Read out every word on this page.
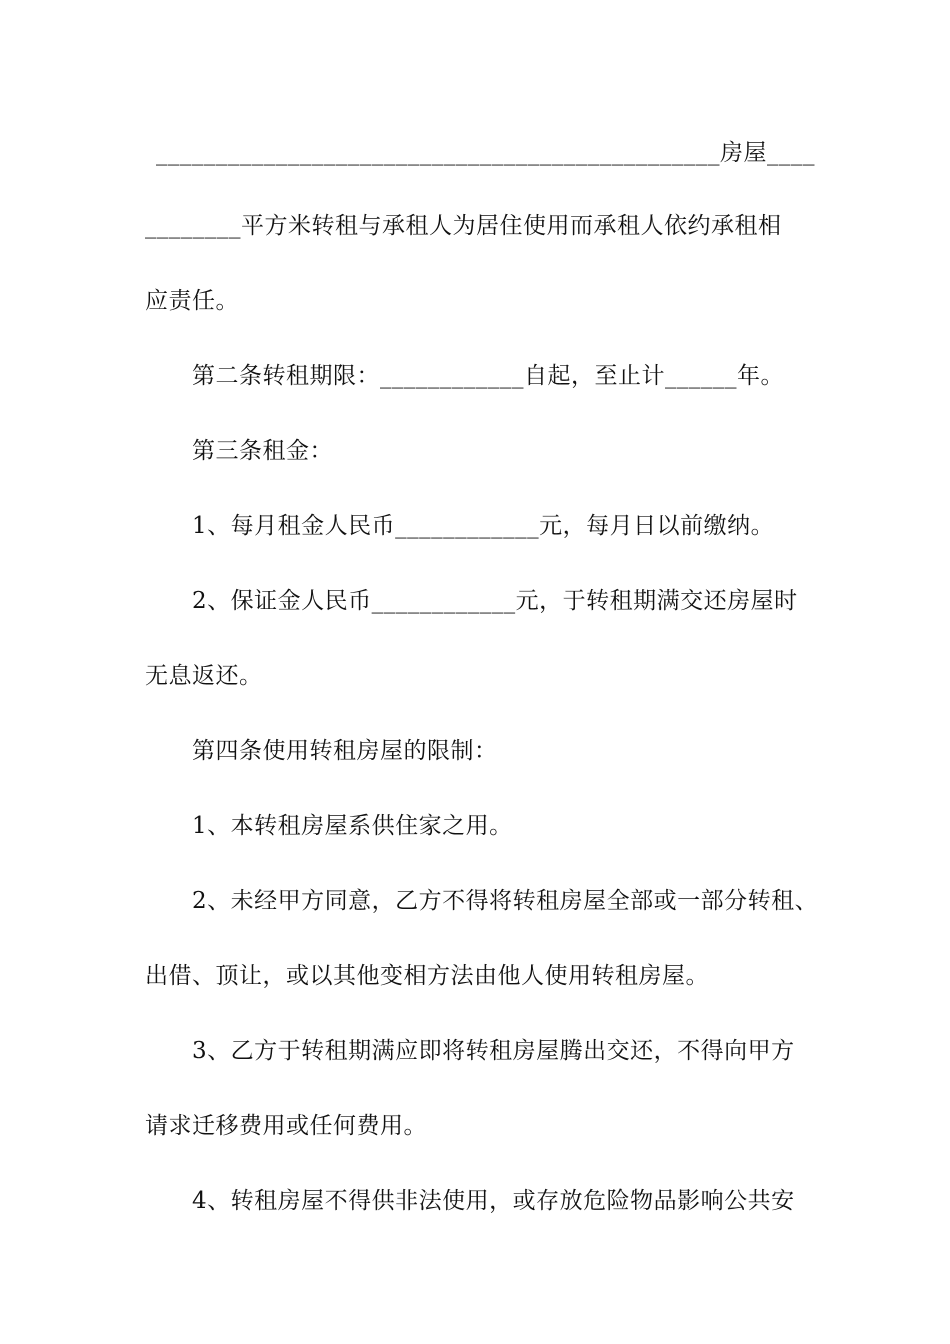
_______________________________________________房屋____
________平方米转租与承租人为居住使用而承租人依约承租相
应责任。
第二条转租期限：____________自起，至止计______年。
第三条租金：
1、每月租金人民币____________元，每月日以前缴纳。
2、保证金人民币____________元，于转租期满交还房屋时
无息返还。
第四条使用转租房屋的限制：
1、本转租房屋系供住家之用。
2、未经甲方同意，乙方不得将转租房屋全部或一部分转租、
出借、顶让，或以其他变相方法由他人使用转租房屋。
3、乙方于转租期满应即将转租房屋腾出交还，不得向甲方
请求迁移费用或任何费用。
4、转租房屋不得供非法使用，或存放危险物品影响公共安
